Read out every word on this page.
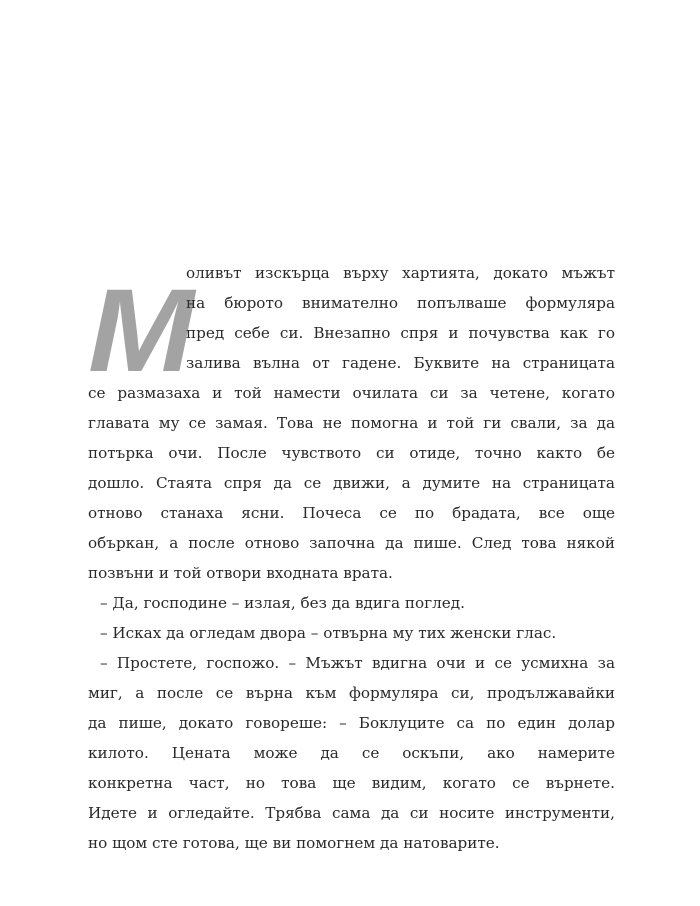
М
оливът изскърца върху хартията, докато мъжът
на бюрото внимателно попълваше формуляра
пред себе си. Внезапно спря и почувства как го
залива вълна от гадене. Буквите на страницата
се размазаха и той намести очилата си за четене, когато
главата му се замая. Това не помогна и той ги свали, за да
потърка очи. После чувството си отиде, точно както бе
дошло. Стаята спря да се движи, а думите на страницата
отново станаха ясни. Почеса се по брадата, все още
объркан, а после отново започна да пише. След това някой
позвъни и той отвори входната врата.
– Да, господине – излая, без да вдига поглед.
– Исках да огледам двора – отвърна му тих женски глас.
– Простете, госпожо. – Мъжът вдигна очи и се усмихна за
миг, а после се върна към формуляра си, продължавайки
да пише, докато говореше: – Боклуците са по един долар
килото. Цената може да се оскъпи, ако намерите
конкретна част, но това ще видим, когато се върнете.
Идете и огледайте. Трябва сама да си носите инструменти,
но щом сте готова, ще ви помогнем да натоварите.
